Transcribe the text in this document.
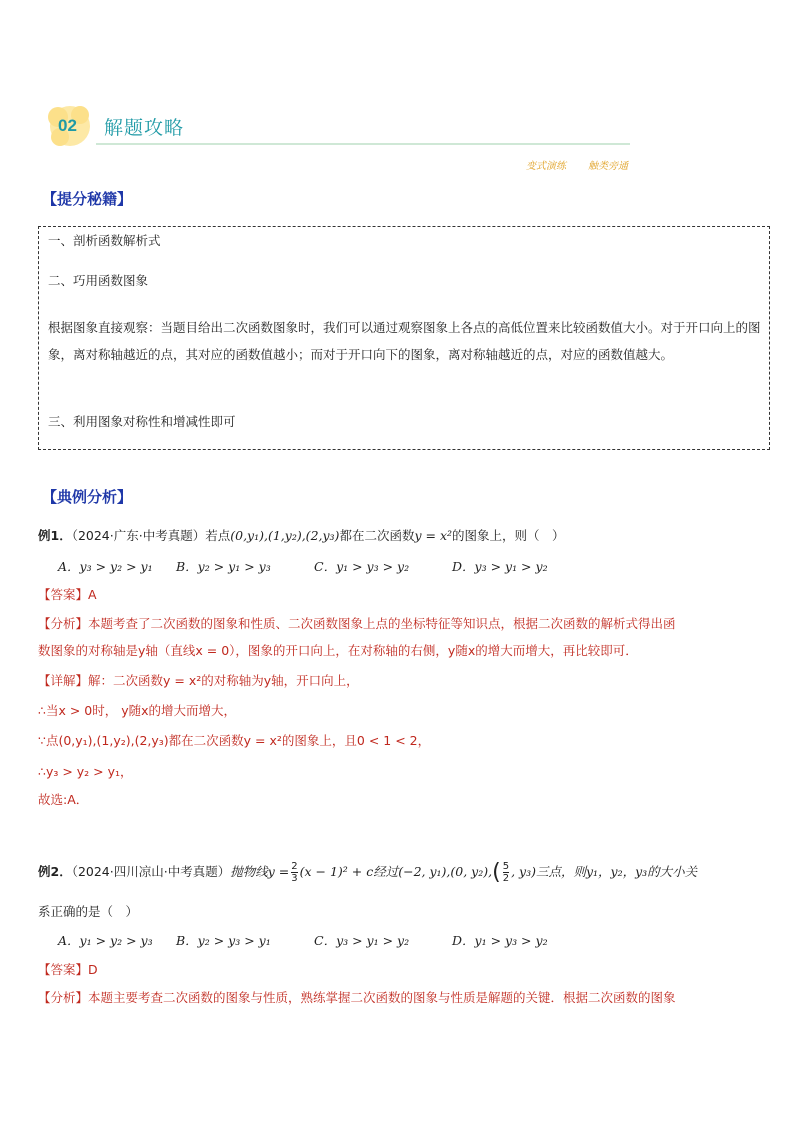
02 解题攻略
变式演练 触类旁通
【提分秘籍】
一、剖析函数解析式
二、巧用函数图象
根据图象直接观察：当题目给出二次函数图象时，我们可以通过观察图象上各点的高低位置来比较函数值大小。对于开口向上的图象，离对称轴越近的点，其对应的函数值越小；而对于开口向下的图象，离对称轴越近的点，对应的函数值越大。
三、利用图象对称性和增减性即可
【典例分析】
例1．（2024·广东·中考真题）若点(0,y₁),(1,y₂),(2,y₃)都在二次函数y = x²的图象上，则（　）
A．y₃ > y₂ > y₁ B．y₂ > y₁ > y₃	C．y₁ > y₃ > y₂	D．y₃ > y₁ > y₂
【答案】A
【分析】本题考查了二次函数的图象和性质、二次函数图象上点的坐标特征等知识点，根据二次函数的解析式得出函
数图象的对称轴是y轴（直线x = 0），图象的开口向上，在对称轴的右侧，y随x的增大而增大，再比较即可．
【详解】解：二次函数y = x²的对称轴为y轴，开口向上，
∴当x > 0时， y随x的增大而增大，
∵点(0,y₁),(1,y₂),(2,y₃)都在二次函数y = x²的图象上，且0 < 1 < 2，
∴y₃ > y₂ > y₁，
故选:A．
例2．（2024·四川凉山·中考真题）抛物线$y = \frac{2}{3} (x - 1)^2 + c$经过(−2, y₁),(0, $y_2),( \frac{5}{2}$ , y₃)三点，则y₁，y₂，y₃的大小关
系正确的是（　）
A．y₁ > y₂ > y₃ B．y₂ > y₃ > y₁	C．y₃ > y₁ > y₂	D．y₁ > y₃ > y₂
【答案】D
【分析】本题主要考查二次函数的图象与性质，熟练掌握二次函数的图象与性质是解题的关键．根据二次函数的图象
